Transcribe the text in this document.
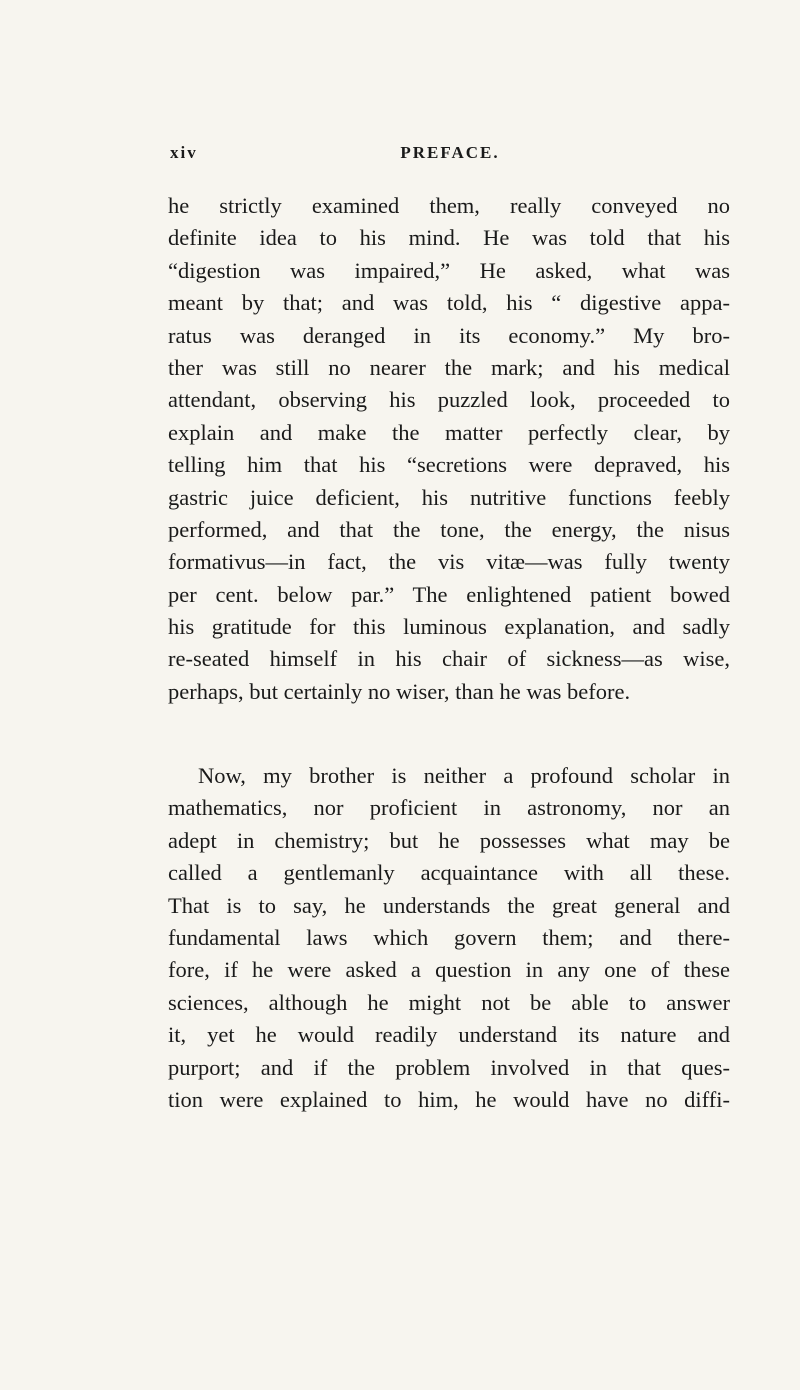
xiv	PREFACE.
he strictly examined them, really conveyed no
definite idea to his mind. He was told that his
“digestion was impaired,” He asked, what was
meant by that; and was told, his “ digestive appa-
ratus was deranged in its economy.” My bro-
ther was still no nearer the mark; and his medical
attendant, observing his puzzled look, proceeded to
explain and make the matter perfectly clear, by
telling him that his “secretions were depraved, his
gastric juice deficient, his nutritive functions feebly
performed, and that the tone, the energy, the nisus
formativus—in fact, the vis vitæ—was fully twenty
per cent. below par.” The enlightened patient bowed
his gratitude for this luminous explanation, and sadly
re-seated himself in his chair of sickness—as wise,
perhaps, but certainly no wiser, than he was before.
Now, my brother is neither a profound scholar in
mathematics, nor proficient in astronomy, nor an
adept in chemistry; but he possesses what may be
called a gentlemanly acquaintance with all these.
That is to say, he understands the great general and
fundamental laws which govern them; and there-
fore, if he were asked a question in any one of these
sciences, although he might not be able to answer
it, yet he would readily understand its nature and
purport; and if the problem involved in that ques-
tion were explained to him, he would have no diffi-
